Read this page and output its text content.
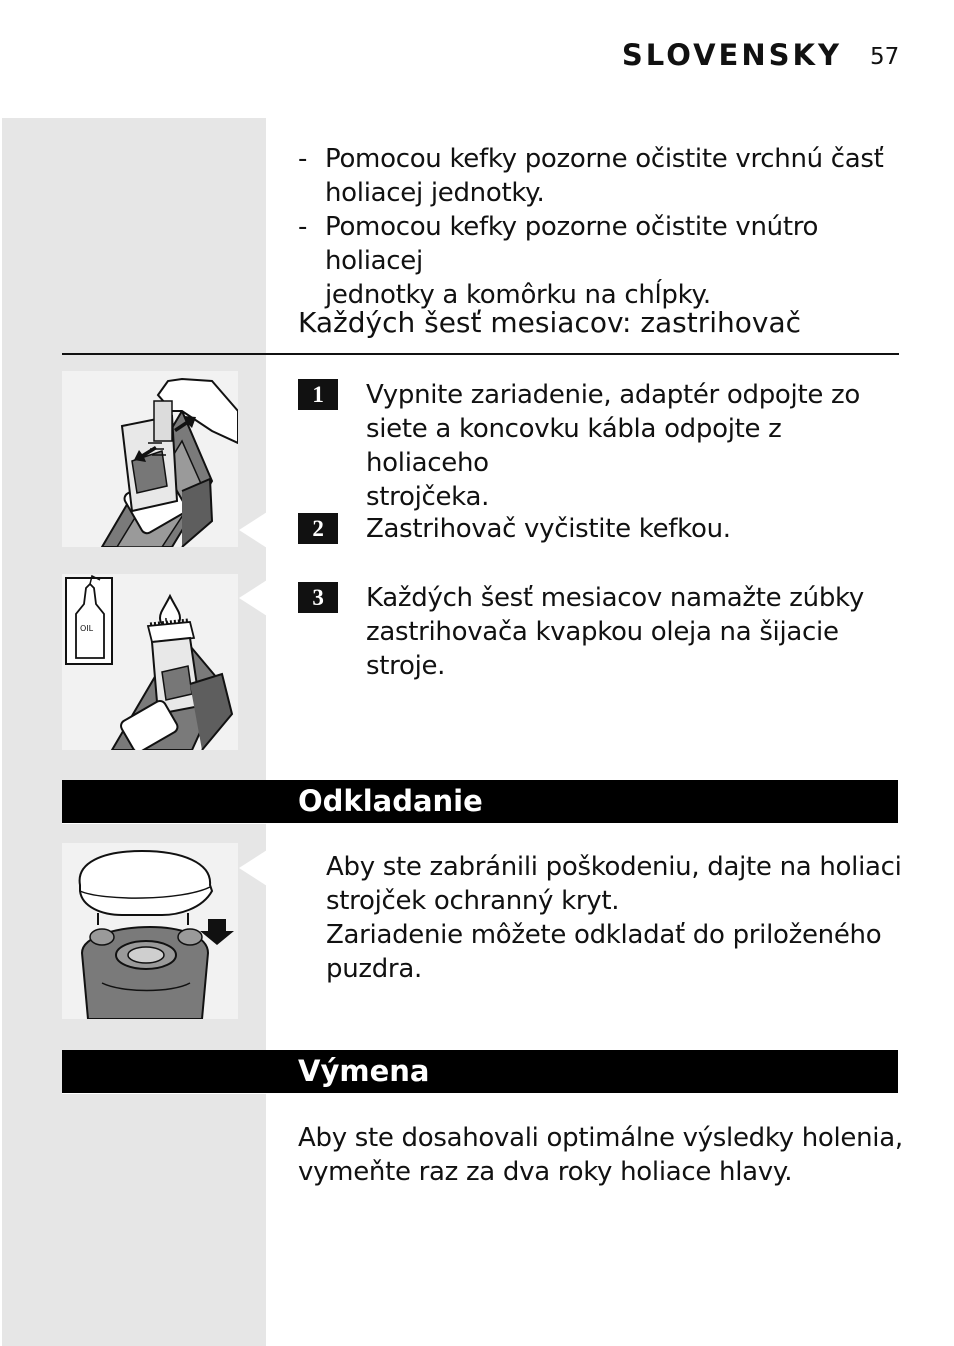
SLOVENSKY 57
- Pomocou kefky pozorne očistite vrchnú časť
holiacej jednotky.
- Pomocou kefky pozorne očistite vnútro holiacej
jednotky a komôrku na chĺpky.
Každých šesť mesiacov: zastrihovač
OIL
1	Vypnite zariadenie, adaptér odpojte zo
siete a koncovku kábla odpojte z holiaceho
strojčeka.
2	Zastrihovač vyčistite kefkou.
3	Každých šesť mesiacov namažte zúbky
zastrihovača kvapkou oleja na šijacie
stroje.
Odkladanie
Aby ste zabránili poškodeniu, dajte na holiaci
strojček ochranný kryt.
Zariadenie môžete odkladať do priloženého
puzdra.
Výmena
Aby ste dosahovali optimálne výsledky holenia,
vymeňte raz za dva roky holiace hlavy.
